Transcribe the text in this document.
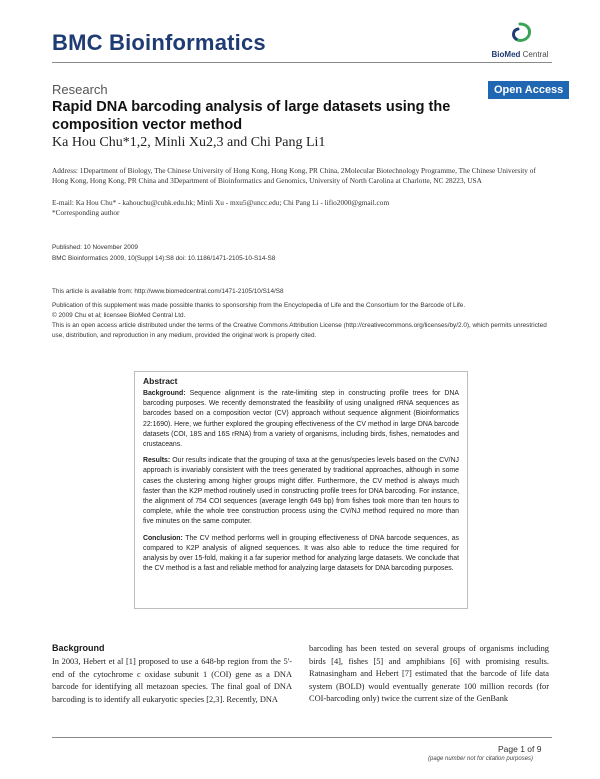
BMC Bioinformatics	BioMed Central
Research	Open Access
Rapid DNA barcoding analysis of large datasets using the composition vector method
Ka Hou Chu*1,2, Minli Xu2,3 and Chi Pang Li1
Address: 1Department of Biology, The Chinese University of Hong Kong, Hong Kong, PR China, 2Molecular Biotechnology Programme, The Chinese University of Hong Kong, Hong Kong, PR China and 3Department of Bioinformatics and Genomics, University of North Carolina at Charlotte, NC 28223, USA
E-mail: Ka Hou Chu* - kahouchu@cuhk.edu.hk; Minli Xu - mxu5@uncc.edu; Chi Pang Li - lifio2000@gmail.com
*Corresponding author
Published: 10 November 2009
BMC Bioinformatics 2009, 10(Suppl 14):S8 doi: 10.1186/1471-2105-10-S14-S8
This article is available from: http://www.biomedcentral.com/1471-2105/10/S14/S8
Publication of this supplement was made possible thanks to sponsorship from the Encyclopedia of Life and the Consortium for the Barcode of Life.
© 2009 Chu et al; licensee BioMed Central Ltd.
This is an open access article distributed under the terms of the Creative Commons Attribution License (http://creativecommons.org/licenses/by/2.0), which permits unrestricted use, distribution, and reproduction in any medium, provided the original work is properly cited.
Abstract

Background: Sequence alignment is the rate-limiting step in constructing profile trees for DNA barcoding purposes. We recently demonstrated the feasibility of using unaligned rRNA sequences as barcodes based on a composition vector (CV) approach without sequence alignment (Bioinformatics 22:1690). Here, we further explored the grouping effectiveness of the CV method in large DNA barcode datasets (COI, 18S and 16S rRNA) from a variety of organisms, including birds, fishes, nematodes and crustaceans.

Results: Our results indicate that the grouping of taxa at the genus/species levels based on the CV/NJ approach is invariably consistent with the trees generated by traditional approaches, although in some cases the clustering among higher groups might differ. Furthermore, the CV method is always much faster than the K2P method routinely used in constructing profile trees for DNA barcoding. For instance, the alignment of 754 COI sequences (average length 649 bp) from fishes took more than ten hours to complete, while the whole tree construction process using the CV/NJ method required no more than five minutes on the same computer.

Conclusion: The CV method performs well in grouping effectiveness of DNA barcode sequences, as compared to K2P analysis of aligned sequences. It was also able to reduce the time required for analysis by over 15-fold, making it a far superior method for analyzing large datasets. We conclude that the CV method is a fast and reliable method for analyzing large datasets for DNA barcoding purposes.

Background
In 2003, Hebert et al [1] proposed to use a 648-bp region from the 5'-end of the cytochrome c oxidase subunit 1 (COI) gene as a DNA barcode for identifying all metazoan species. The final goal of DNA barcoding is to identify all eukaryotic species [2,3]. Recently, DNA
barcoding has been tested on several groups of organisms including birds [4], fishes [5] and amphibians [6] with promising results. Ratnasingham and Hebert [7] estimated that the barcode of life data system (BOLD) would eventually generate 100 million records (for COI-barcoding only) twice the current size of the GenBank
Page 1 of 9
(page number not for citation purposes)
